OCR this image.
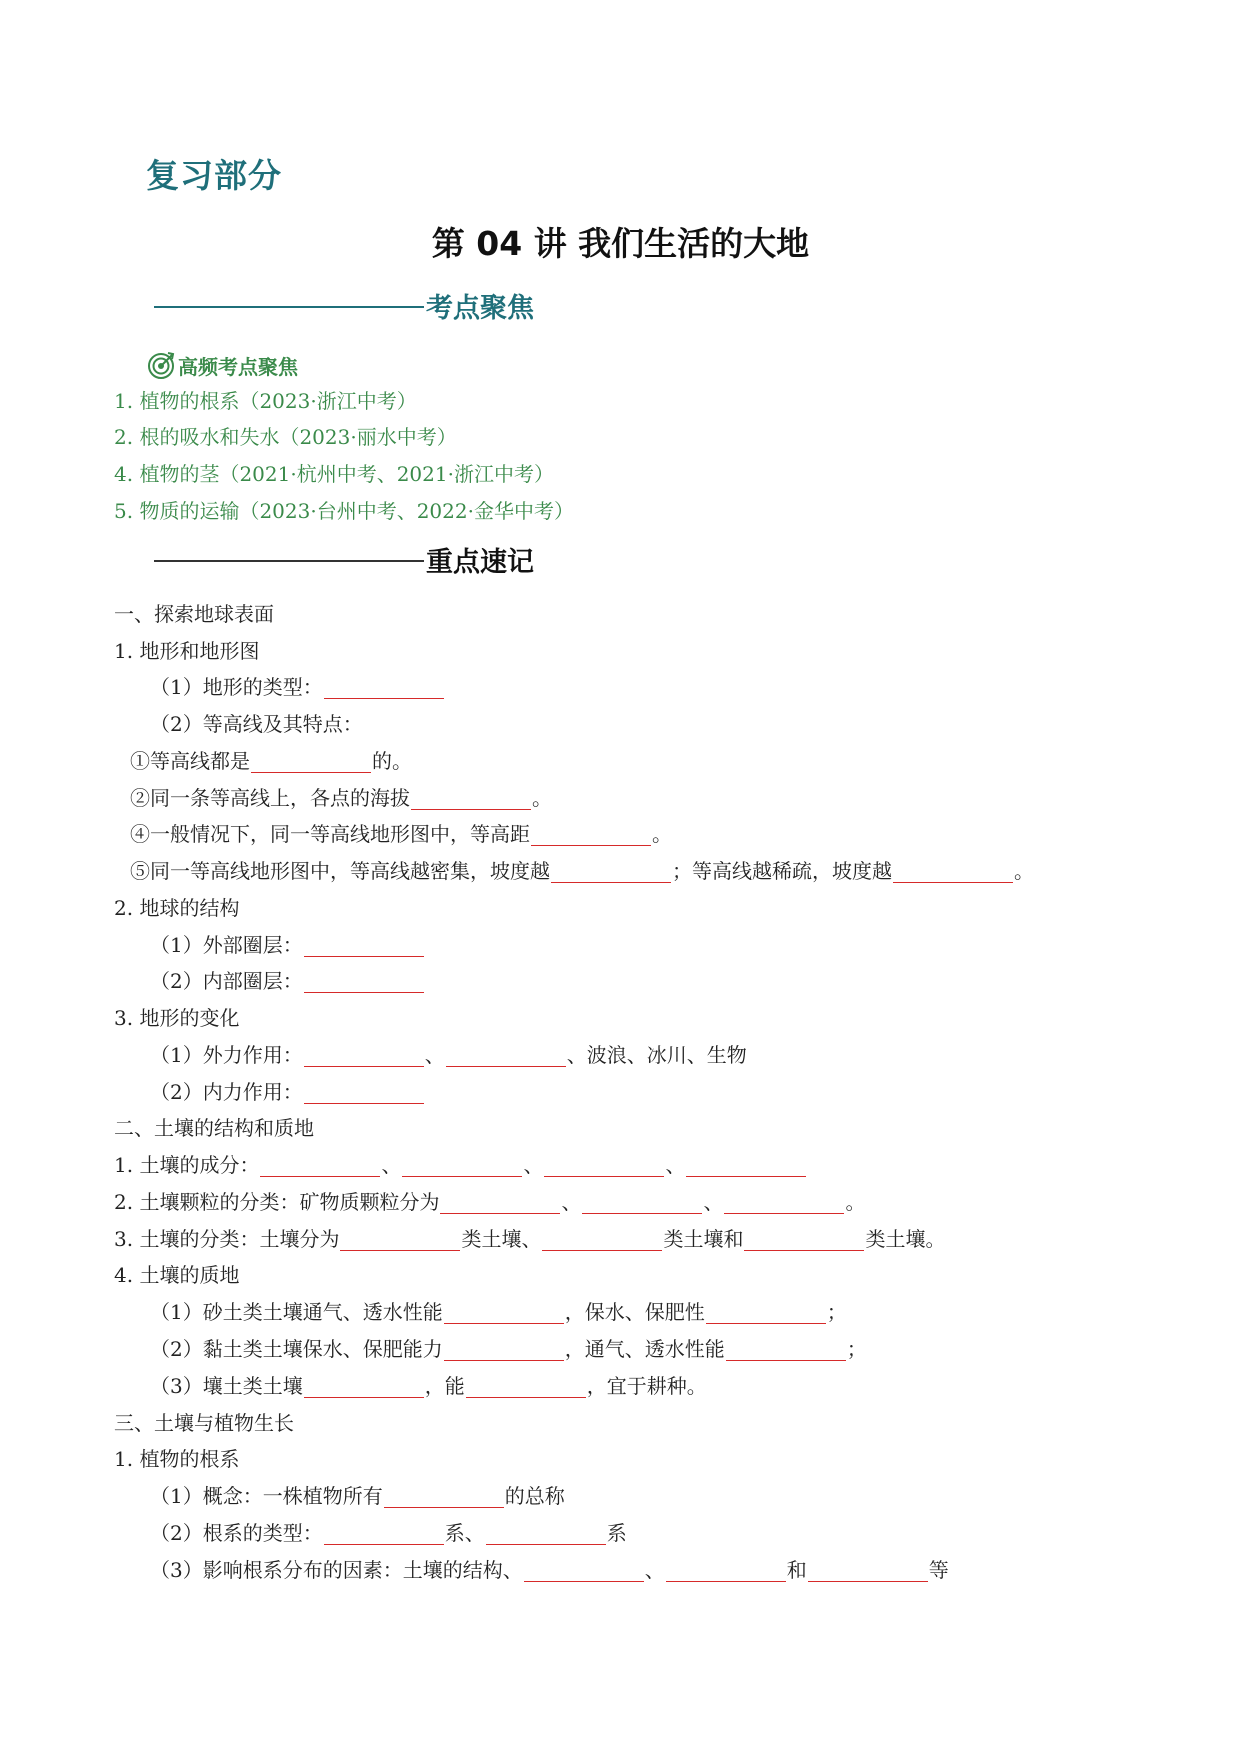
复习部分
第 04 讲 我们生活的大地
考点聚焦
高频考点聚焦
1. 植物的根系（2023·浙江中考）
2. 根的吸水和失水（2023·丽水中考）
4. 植物的茎（2021·杭州中考、2021·浙江中考）
5. 物质的运输（2023·台州中考、2022·金华中考）
重点速记
一、探索地球表面
1. 地形和地形图
（1）地形的类型：
（2）等高线及其特点：
①等高线都是	的。
②同一条等高线上，各点的海拔	。
④一般情况下，同一等高线地形图中，等高距	。
⑤同一等高线地形图中，等高线越密集，坡度越	；等高线越稀疏，坡度越	。
2. 地球的结构
（1）外部圈层：
（2）内部圈层：
3. 地形的变化
（1）外力作用：	、	、波浪、冰川、生物
（2）内力作用：
二、土壤的结构和质地
1. 土壤的成分：	、	、	、
2. 土壤颗粒的分类：矿物质颗粒分为	、	、	。
3. 土壤的分类：土壤分为	类土壤、	类土壤和	类土壤。
4. 土壤的质地
（1）砂土类土壤通气、透水性能	，保水、保肥性	；
（2）黏土类土壤保水、保肥能力	，通气、透水性能	；
（3）壤土类土壤	，能	，宜于耕种。
三、土壤与植物生长
1. 植物的根系
（1）概念：一株植物所有	的总称
（2）根系的类型：	系、	系
（3）影响根系分布的因素：土壤的结构、	、	和	等
